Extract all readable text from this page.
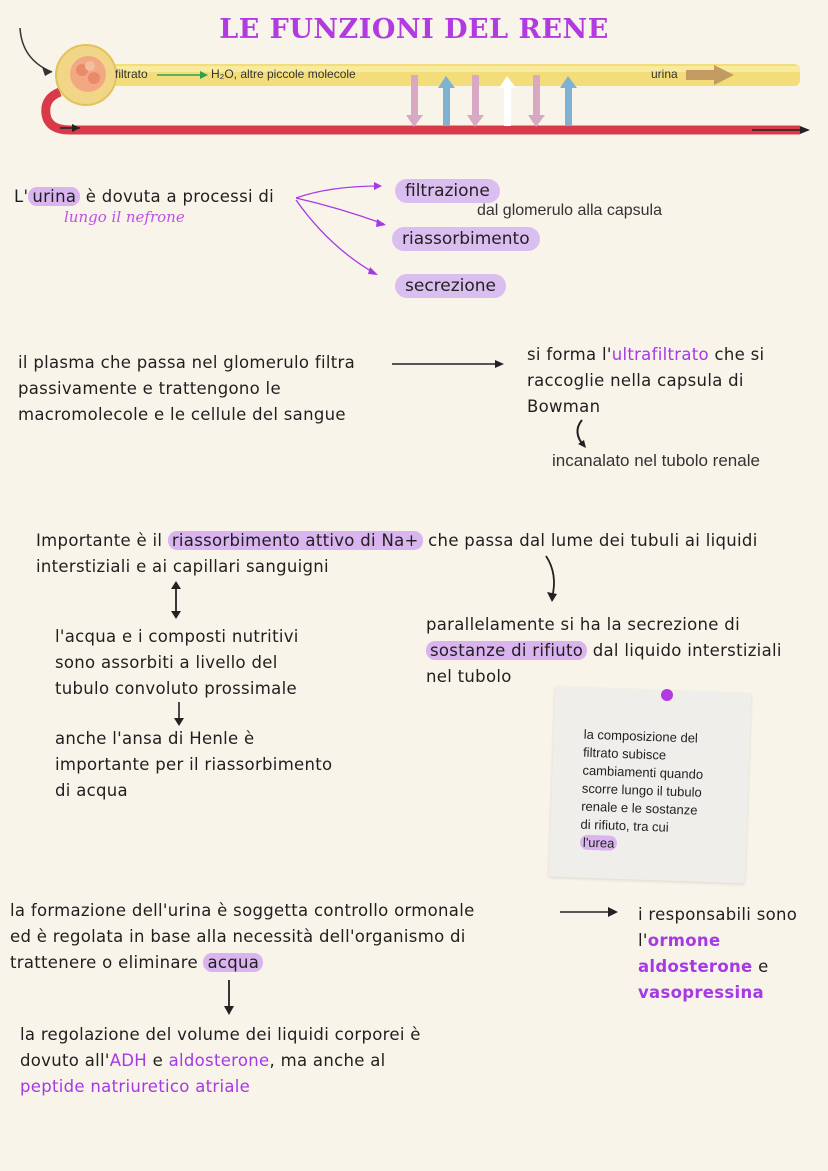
LE FUNZIONI DEL RENE
filtrato	H₂O, altre piccole molecole	urina
L' urina è dovuta a processi di
lungo il nefrone
filtrazione
dal glomerulo alla capsula
riassorbimento
secrezione
il plasma che passa nel glomerulo filtra
passivamente e trattengono le
macromolecole e le cellule del sangue
si forma l'ultrafiltrato che si
raccoglie nella capsula di
Bowman
incanalato nel tubolo renale
Importante è il riassorbimento attivo di Na+ che passa dal lume dei tubuli ai liquidi
interstiziali e ai capillari sanguigni
l'acqua e i composti nutritivi
sono assorbiti a livello del
tubulo convoluto prossimale
anche l'ansa di Henle è
importante per il riassorbimento
di acqua
parallelamente si ha la secrezione di
sostanze di rifiuto dal liquido interstiziali
nel tubolo
la composizione del
filtrato subisce
cambiamenti quando
scorre lungo il tubulo
renale e le sostanze
di rifiuto, tra cui
l'urea
la formazione dell'urina è soggetta controllo ormonale
ed è regolata in base alla necessità dell'organismo di
trattenere o eliminare acqua
i responsabili sono
l'ormone
aldosterone e
vasopressina
la regolazione del volume dei liquidi corporei è
dovuto all'ADH e aldosterone, ma anche al
peptide natriuretico atriale
